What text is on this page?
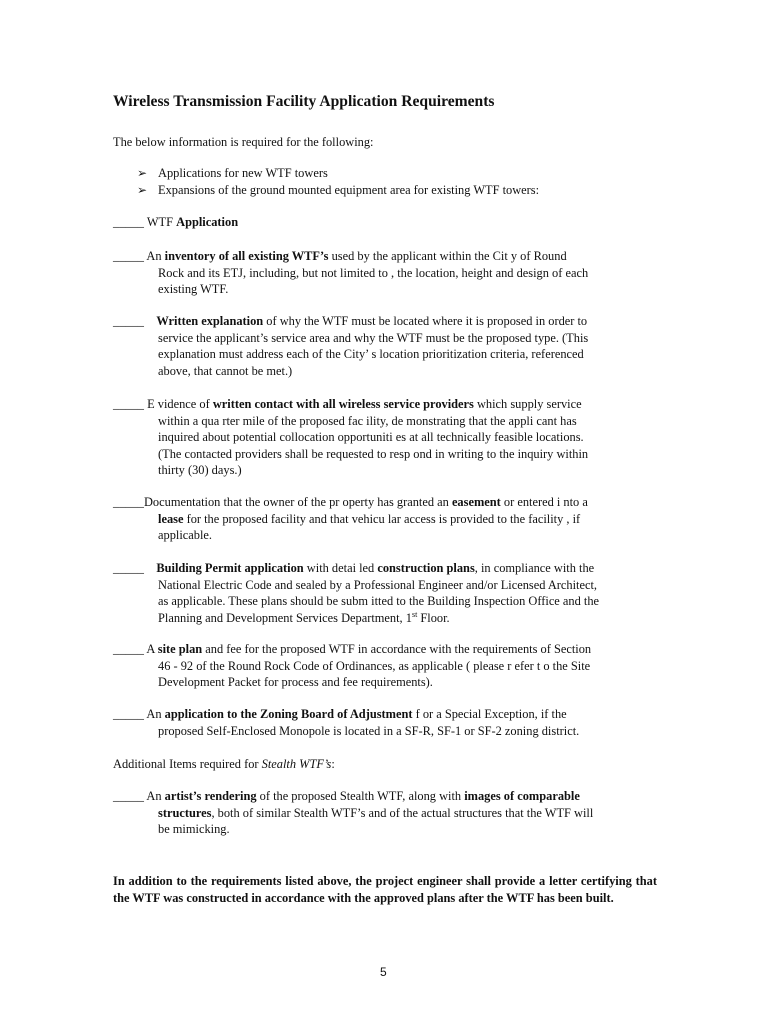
Wireless Transmission Facility Application Requirements
The below information is required for the following:
➢ Applications for new WTF towers
➢ Expansions of the ground mounted equipment area for existing WTF towers:
_____ WTF Application
_____ An inventory of all existing WTF’s used by the applicant within the Cit y of Round
Rock and its ETJ, including, but not limited to , the location, height and design of each
existing WTF.
_____ Written explanation of why the WTF must be located where it is proposed in order to
service the applicant’s service area and why the WTF must be the proposed type. (This
explanation must address each of the City’ s location prioritization criteria, referenced
above, that cannot be met.)
_____ E vidence of written contact with all wireless service providers which supply service
within a qua rter mile of the proposed fac ility, de monstrating that the appli cant has
inquired about potential collocation opportuniti es at all technically feasible locations.
(The contacted providers shall be requested to resp ond in writing to the inquiry within
thirty (30) days.)
_____Documentation that the owner of the pr operty has granted an easement or entered i nto a
lease for the proposed facility and that vehicu lar access is provided to the facility , if
applicable.
_____ Building Permit application with detai led construction plans, in compliance with the
National Electric Code and sealed by a Professional Engineer and/or Licensed Architect,
as applicable. These plans should be subm itted to the Building Inspection Office and the
Planning and Development Services Department, 1st Floor.
_____ A site plan and fee for the proposed WTF in accordance with the requirements of Section
46 - 92 of the Round Rock Code of Ordinances, as applicable ( please r efer t o the Site
Development Packet for process and fee requirements).
_____ An application to the Zoning Board of Adjustment f or a Special Exception, if the
proposed Self-Enclosed Monopole is located in a SF-R, SF-1 or SF-2 zoning district.
Additional Items required for Stealth WTF’s:
_____ An artist’s rendering of the proposed Stealth WTF, along with images of comparable
structures, both of similar Stealth WTF’s and of the actual structures that the WTF will
be mimicking.
In addition to the requirements listed above, the project engineer shall provide a letter certifying that the WTF was constructed in accordance with the approved plans after the WTF has been built.
5
